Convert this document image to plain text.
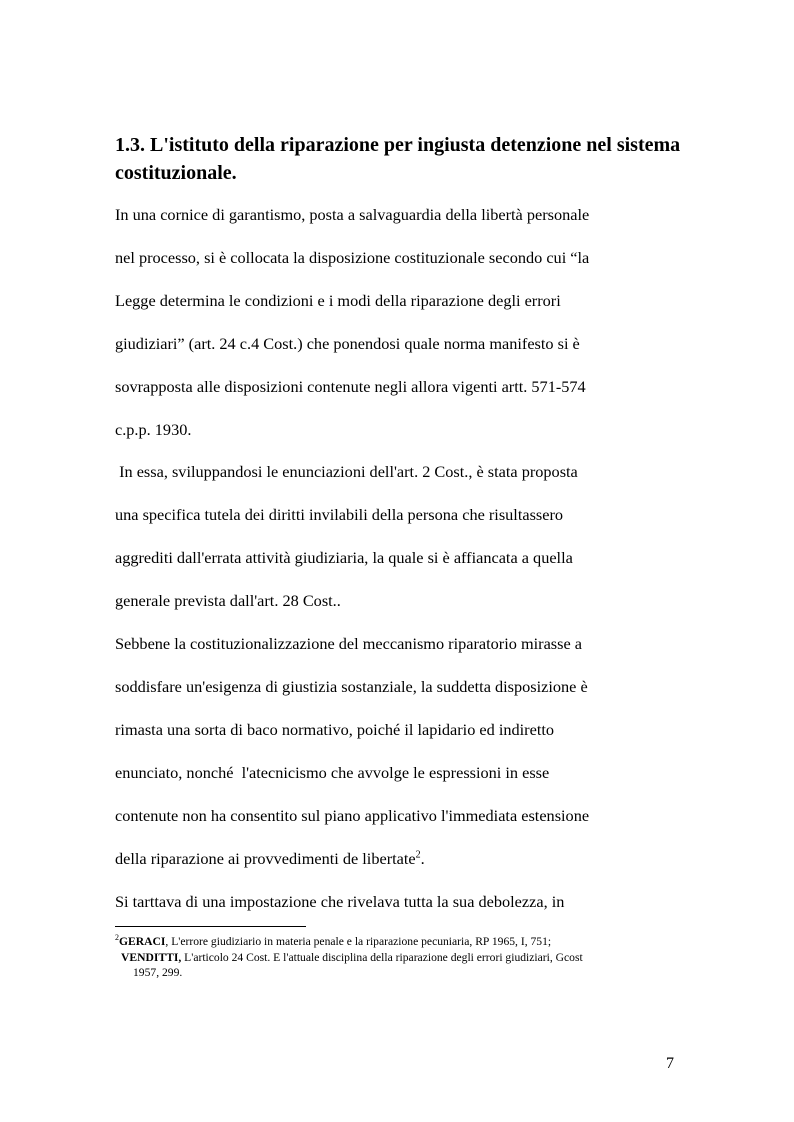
1.3. L'istituto della riparazione per ingiusta detenzione nel sistema costituzionale.
In una cornice di garantismo, posta a salvaguardia della libertà personale
nel processo, si è collocata la disposizione costituzionale secondo cui “la
Legge determina le condizioni e i modi della riparazione degli errori
giudiziari” (art. 24 c.4 Cost.) che ponendosi quale norma manifesto si è
sovrapposta alle disposizioni contenute negli allora vigenti artt. 571-574
c.p.p. 1930.
In essa, sviluppandosi le enunciazioni dell'art. 2 Cost., è stata proposta
una specifica tutela dei diritti invilabili della persona che risultassero
aggrediti dall'errata attività giudiziaria, la quale si è affiancata a quella
generale prevista dall'art. 28 Cost..
Sebbene la costituzionalizzazione del meccanismo riparatorio mirasse a
soddisfare un'esigenza di giustizia sostanziale, la suddetta disposizione è
rimasta una sorta di baco normativo, poiché il lapidario ed indiretto
enunciato, nonché  l'atecnicismo che avvolge le espressioni in esse
contenute non ha consentito sul piano applicativo l'immediata estensione
della riparazione ai provvedimenti de libertate$^2$.
Si tarttava di una impostazione che rivelava tutta la sua debolezza, in
$^2$GERACI, L'errore giudiziario in materia penale e la riparazione pecuniaria, RP 1965, I, 751;
VENDITTI, L'articolo 24 Cost. E l'attuale disciplina della riparazione degli errori giudiziari, Gcost
1957, 299.
7
